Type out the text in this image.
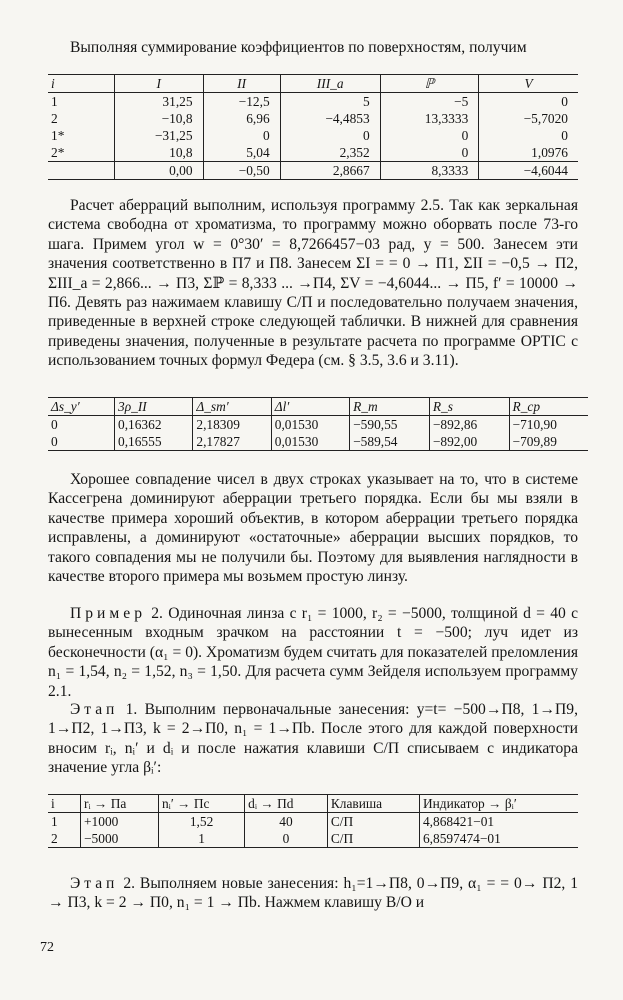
Выполняя суммирование коэффициентов по поверхностям, получим
i	I	II	III_a	ℙ	V
1	31,25	−12,5	5	−5	0
2	−10,8	6,96	−4,4853	13,3333	−5,7020
1*	−31,25	0	0	0	0
2*	10,8	5,04	2,352	0	1,0976
	0,00	−0,50	2,8667	8,3333	−4,6044
Расчет аберраций выполним, используя программу 2.5. Так как зеркальная система свободна от хроматизма, то программу можно оборвать после 73-го шага. Примем угол w = 0°30′ = 8,7266457−03 рад, y = 500. Занесем эти значения соответственно в П7 и П8. Занесем ΣI = = 0 → П1, ΣII = −0,5 → П2, ΣIII_a = 2,866... → П3, Σℙ = 8,333 ... →П4, ΣV = −4,6044... → П5, f′ = 10000 → П6. Девять раз нажимаем клавишу С/П и последовательно получаем значения, приведенные в верхней строке следующей таблички. В нижней для сравнения приведены значения, полученные в результате расчета по программе OPTIC с использованием точных формул Федера (см. § 3.5, 3.6 и 3.11).
Δs_y′	3ρ_II	Δ_sm′	Δl′	R_m	R_s	R_cp
0	0,16362	2,18309	0,01530	−590,55	−892,86	−710,90
0	0,16555	2,17827	0,01530	−589,54	−892,00	−709,89
Хорошее совпадение чисел в двух строках указывает на то, что в системе Кассегрена доминируют аберрации третьего порядка. Если бы мы взяли в качестве примера хороший объектив, в котором аберрации третьего порядка исправлены, а доминируют «остаточные» аберрации высших порядков, то такого совпадения мы не получили бы. Поэтому для выявления наглядности в качестве второго примера мы возьмем простую линзу.
Пример 2. Одиночная линза с r₁ = 1000, r₂ = −5000, толщиной d = 40 с вынесенным входным зрачком на расстоянии t = −500; луч идет из бесконечности (α₁ = 0). Хроматизм будем считать для показателей преломления n₁ = 1,54, n₂ = 1,52, n₃ = 1,50. Для расчета сумм Зейделя используем программу 2.1.
Этап 1. Выполним первоначальные занесения: y=t= −500→П8, 1→П9, 1→П2, 1→П3, k = 2→П0, n₁ = 1→Пb. После этого для каждой поверхности вносим rᵢ, nᵢ′ и dᵢ и после нажатия клавиши С/П списываем с индикатора значение угла βᵢ′:
i	rᵢ → Па	nᵢ′ → Пс	dᵢ → Пd	Клавиша	Индикатор → βᵢ′
1	+1000	1,52	40	С/П	4,868421−01
2	−5000	1	0	С/П	6,8597474−01
Этап 2. Выполняем новые занесения: h₁=1→П8, 0→П9, α₁ = = 0→ П2, 1 → П3, k = 2 → П0, n₁ = 1 → Пb. Нажмем клавишу В/О и
72
